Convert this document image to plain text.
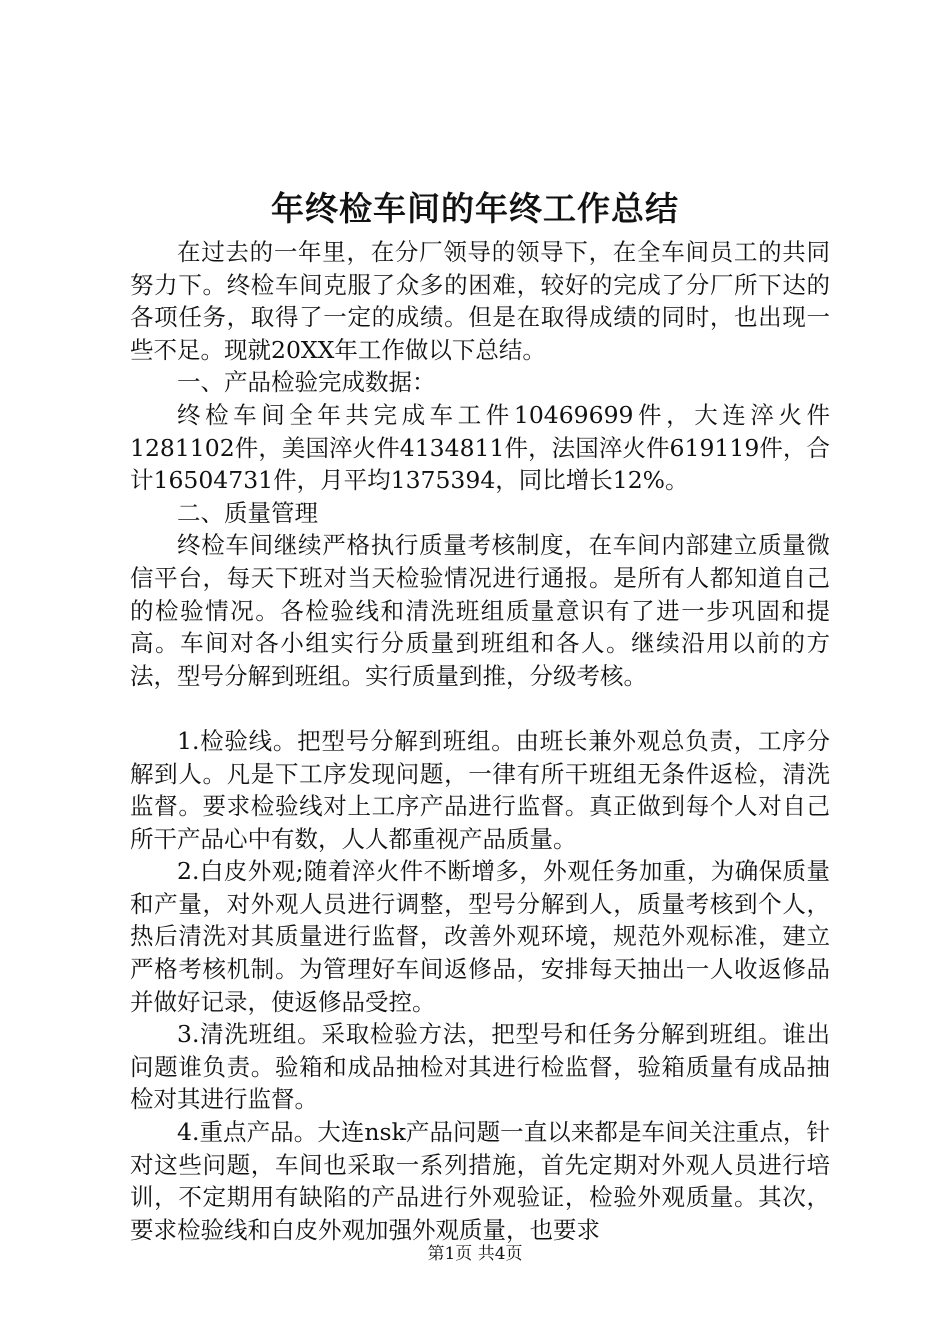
年终检车间的年终工作总结

在过去的一年里，在分厂领导的领导下，在全车间员工的共同努力下。终检车间克服了众多的困难，较好的完成了分厂所下达的各项任务，取得了一定的成绩。但是在取得成绩的同时，也出现一些不足。现就20XX年工作做以下总结。

一、产品检验完成数据：

终检车间全年共完成车工件10469699件，大连淬火件1281102件，美国淬火件4134811件，法国淬火件619119件，合计16504731件，月平均1375394，同比增长12%。

二、质量管理

终检车间继续严格执行质量考核制度，在车间内部建立质量微信平台，每天下班对当天检验情况进行通报。是所有人都知道自己的检验情况。各检验线和清洗班组质量意识有了进一步巩固和提高。车间对各小组实行分质量到班组和各人。继续沿用以前的方法，型号分解到班组。实行质量到推，分级考核。

1.检验线。把型号分解到班组。由班长兼外观总负责，工序分解到人。凡是下工序发现问题，一律有所干班组无条件返检，清洗监督。要求检验线对上工序产品进行监督。真正做到每个人对自己所干产品心中有数，人人都重视产品质量。

2.白皮外观;随着淬火件不断增多，外观任务加重，为确保质量和产量，对外观人员进行调整，型号分解到人，质量考核到个人，热后清洗对其质量进行监督，改善外观环境，规范外观标准，建立严格考核机制。为管理好车间返修品，安排每天抽出一人收返修品并做好记录，使返修品受控。

3.清洗班组。采取检验方法，把型号和任务分解到班组。谁出问题谁负责。验箱和成品抽检对其进行检监督，验箱质量有成品抽检对其进行监督。

4.重点产品。大连nsk产品问题一直以来都是车间关注重点，针对这些问题，车间也采取一系列措施，首先定期对外观人员进行培训，不定期用有缺陷的产品进行外观验证，检验外观质量。其次，要求检验线和白皮外观加强外观质量，也要求

第1页 共4页
